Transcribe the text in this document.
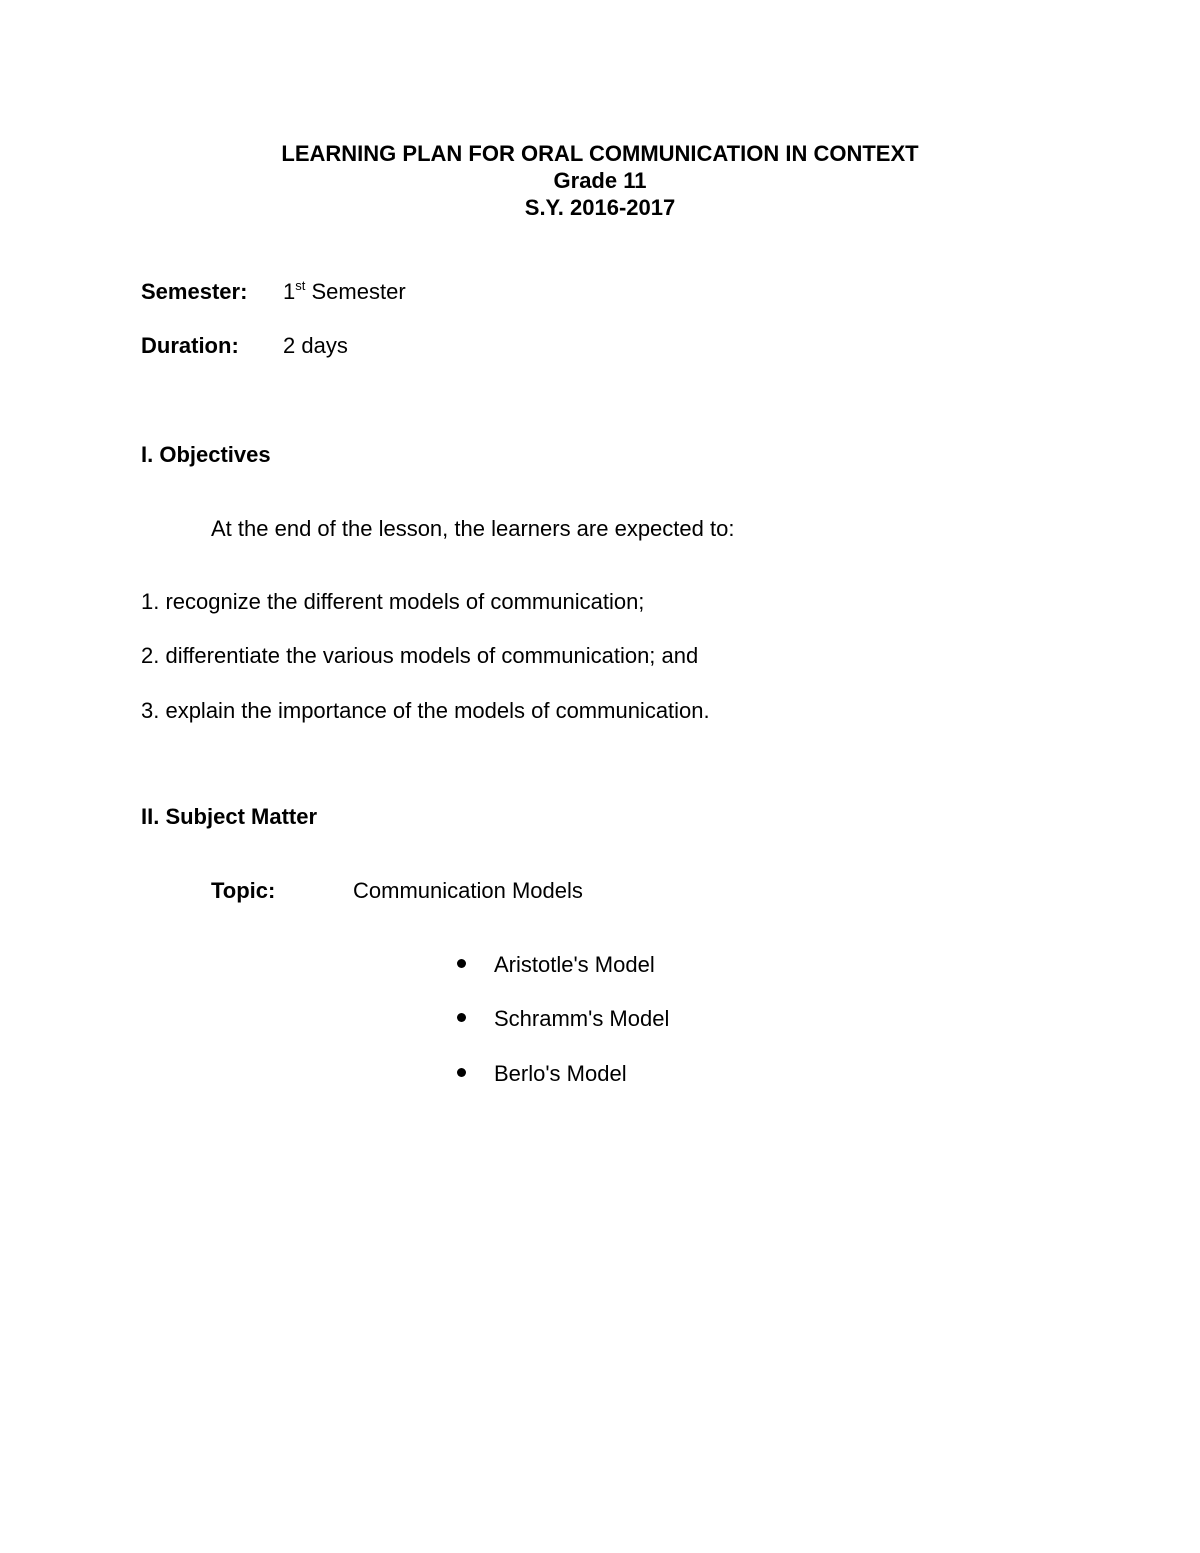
LEARNING PLAN FOR ORAL COMMUNICATION IN CONTEXT
Grade 11
S.Y. 2016-2017
Semester: 1st Semester
Duration: 2 days
I. Objectives
At the end of the lesson, the learners are expected to:
1. recognize the different models of communication;
2. differentiate the various models of communication; and
3. explain the importance of the models of communication.
II. Subject Matter
Topic:	Communication Models
Aristotle's Model
Schramm's Model
Berlo's Model
